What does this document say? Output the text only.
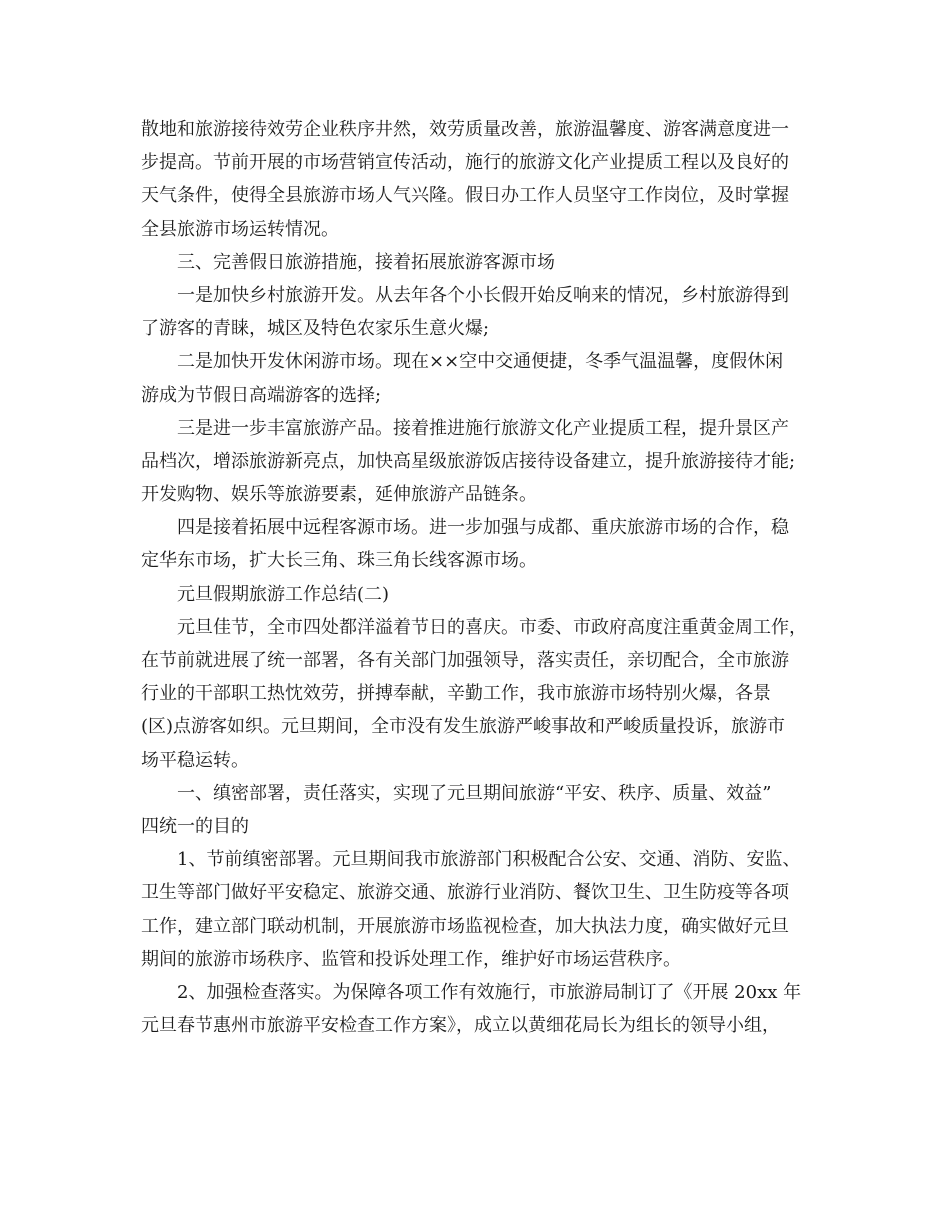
散地和旅游接待效劳企业秩序井然，效劳质量改善，旅游温馨度、游客满意度进一
步提高。节前开展的市场营销宣传活动，施行的旅游文化产业提质工程以及良好的
天气条件，使得全县旅游市场人气兴隆。假日办工作人员坚守工作岗位，及时掌握
全县旅游市场运转情况。
三、完善假日旅游措施，接着拓展旅游客源市场
一是加快乡村旅游开发。从去年各个小长假开始反响来的情况，乡村旅游得到
了游客的青睐，城区及特色农家乐生意火爆;
二是加快开发休闲游市场。现在××空中交通便捷，冬季气温温馨，度假休闲
游成为节假日高端游客的选择;
三是进一步丰富旅游产品。接着推进施行旅游文化产业提质工程，提升景区产
品档次，增添旅游新亮点，加快高星级旅游饭店接待设备建立，提升旅游接待才能;
开发购物、娱乐等旅游要素，延伸旅游产品链条。
四是接着拓展中远程客源市场。进一步加强与成都、重庆旅游市场的合作，稳
定华东市场，扩大长三角、珠三角长线客源市场。
元旦假期旅游工作总结(二)
元旦佳节，全市四处都洋溢着节日的喜庆。市委、市政府高度注重黄金周工作，
在节前就进展了统一部署，各有关部门加强领导，落实责任，亲切配合，全市旅游
行业的干部职工热忱效劳，拼搏奉献，辛勤工作，我市旅游市场特别火爆，各景
(区)点游客如织。元旦期间，全市没有发生旅游严峻事故和严峻质量投诉，旅游市
场平稳运转。
一、缜密部署，责任落实，实现了元旦期间旅游“平安、秩序、质量、效益”
四统一的目的
1、节前缜密部署。元旦期间我市旅游部门积极配合公安、交通、消防、安监、
卫生等部门做好平安稳定、旅游交通、旅游行业消防、餐饮卫生、卫生防疫等各项
工作，建立部门联动机制，开展旅游市场监视检查，加大执法力度，确实做好元旦
期间的旅游市场秩序、监管和投诉处理工作，维护好市场运营秩序。
2、加强检查落实。为保障各项工作有效施行，市旅游局制订了《开展 20xx 年
元旦春节惠州市旅游平安检查工作方案》，成立以黄细花局长为组长的领导小组，
